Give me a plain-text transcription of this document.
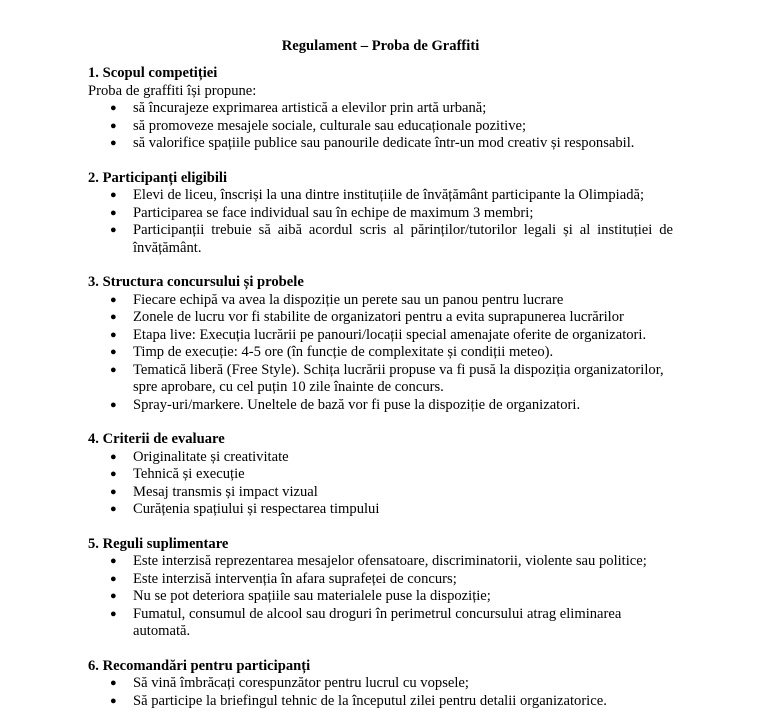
Regulament – Proba de Graffiti
1. Scopul competiției

Proba de graffiti își propune:

● să încurajeze exprimarea artistică a elevilor prin artă urbană;
● să promoveze mesajele sociale, culturale sau educaționale pozitive;
● să valorifice spațiile publice sau panourile dedicate într-un mod creativ și responsabil.
2. Participanți eligibili
● Elevi de liceu, înscriși la una dintre instituțiile de învățământ participante la Olimpiadă;
● Participarea se face individual sau în echipe de maximum 3 membri;
● Participanții trebuie să aibă acordul scris al părinților/tutorilor legali și al instituției de învățământ.
3. Structura concursului și probele
● Fiecare echipă va avea la dispoziție un perete sau un panou pentru lucrare
● Zonele de lucru vor fi stabilite de organizatori pentru a evita suprapunerea lucrărilor
● Etapa live: Execuția lucrării pe panouri/locații special amenajate oferite de organizatori.
● Timp de execuție: 4-5 ore (în funcție de complexitate și condiții meteo).
● Tematică liberă (Free Style). Schița lucrării propuse va fi pusă la dispoziția organizatorilor, spre aprobare, cu cel puțin 10 zile înainte de concurs.
● Spray-uri/markere. Uneltele de bază vor fi puse la dispoziție de organizatori.
4. Criterii de evaluare
● Originalitate și creativitate
● Tehnică și execuție
● Mesaj transmis și impact vizual
● Curățenia spațiului și respectarea timpului
5. Reguli suplimentare
● Este interzisă reprezentarea mesajelor ofensatoare, discriminatorii, violente sau politice;
● Este interzisă intervenția în afara suprafeței de concurs;
● Nu se pot deteriora spațiile sau materialele puse la dispoziție;
● Fumatul, consumul de alcool sau droguri în perimetrul concursului atrag eliminarea automată.
6. Recomandări pentru participanți
● Să vină îmbrăcați corespunzător pentru lucrul cu vopsele;
● Să participe la briefingul tehnic de la începutul zilei pentru detalii organizatorice.
